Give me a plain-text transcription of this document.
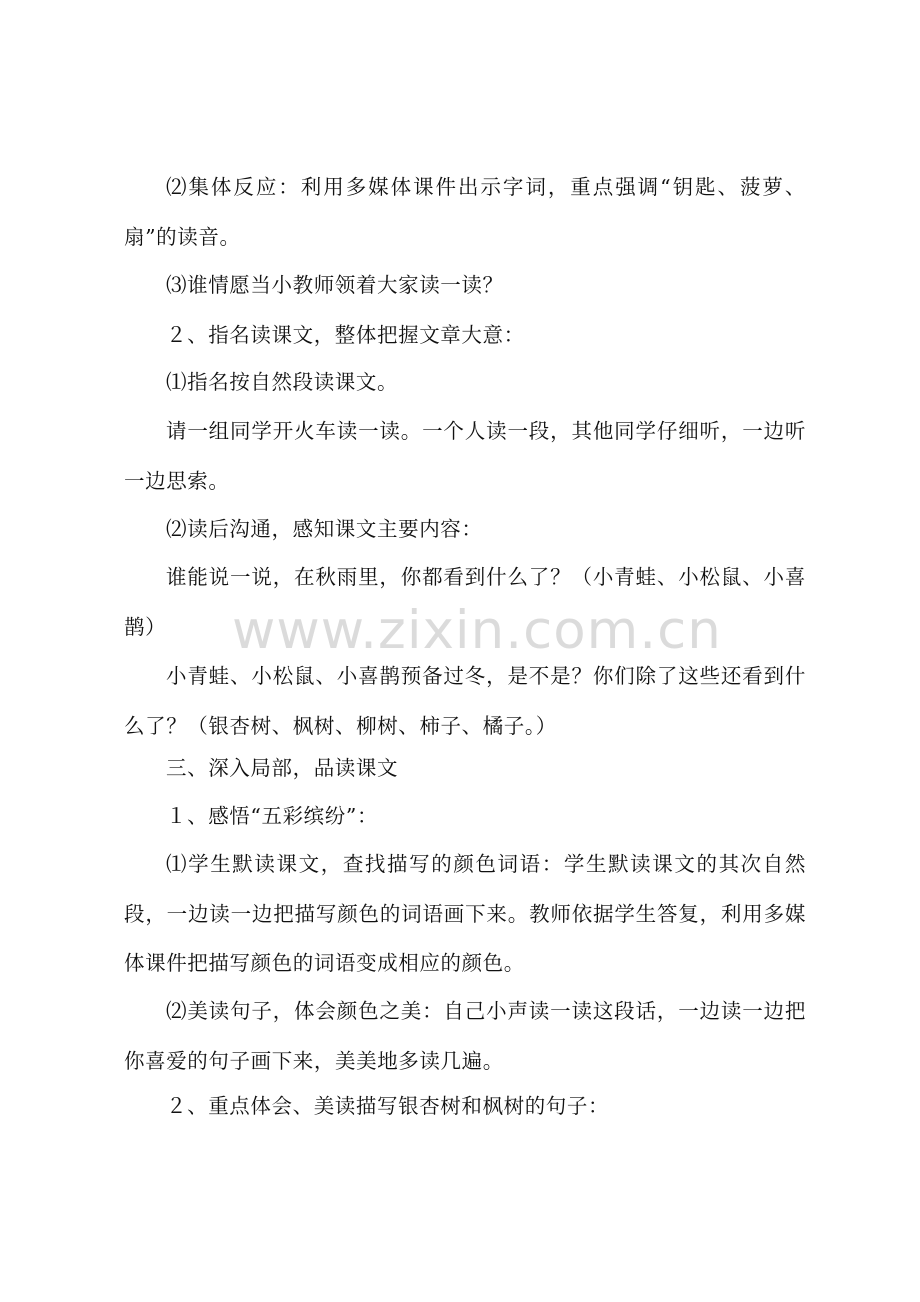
⑵集体反应：利用多媒体课件出示字词，重点强调“钥匙、菠萝、扇”的读音。

⑶谁情愿当小教师领着大家读一读？

２、指名读课文，整体把握文章大意：

⑴指名按自然段读课文。

请一组同学开火车读一读。一个人读一段，其他同学仔细听，一边听一边思索。

⑵读后沟通，感知课文主要内容：

谁能说一说，在秋雨里，你都看到什么了？（小青蛙、小松鼠、小喜鹊）

小青蛙、小松鼠、小喜鹊预备过冬，是不是？你们除了这些还看到什么了？（银杏树、枫树、柳树、柿子、橘子。）

三、深入局部，品读课文

１、感悟“五彩缤纷”：

⑴学生默读课文，查找描写的颜色词语：学生默读课文的其次自然段，一边读一边把描写颜色的词语画下来。教师依据学生答复，利用多媒体课件把描写颜色的词语变成相应的颜色。

⑵美读句子，体会颜色之美：自己小声读一读这段话，一边读一边把你喜爱的句子画下来，美美地多读几遍。

２、重点体会、美读描写银杏树和枫树的句子：

www.zixin.com.cn
